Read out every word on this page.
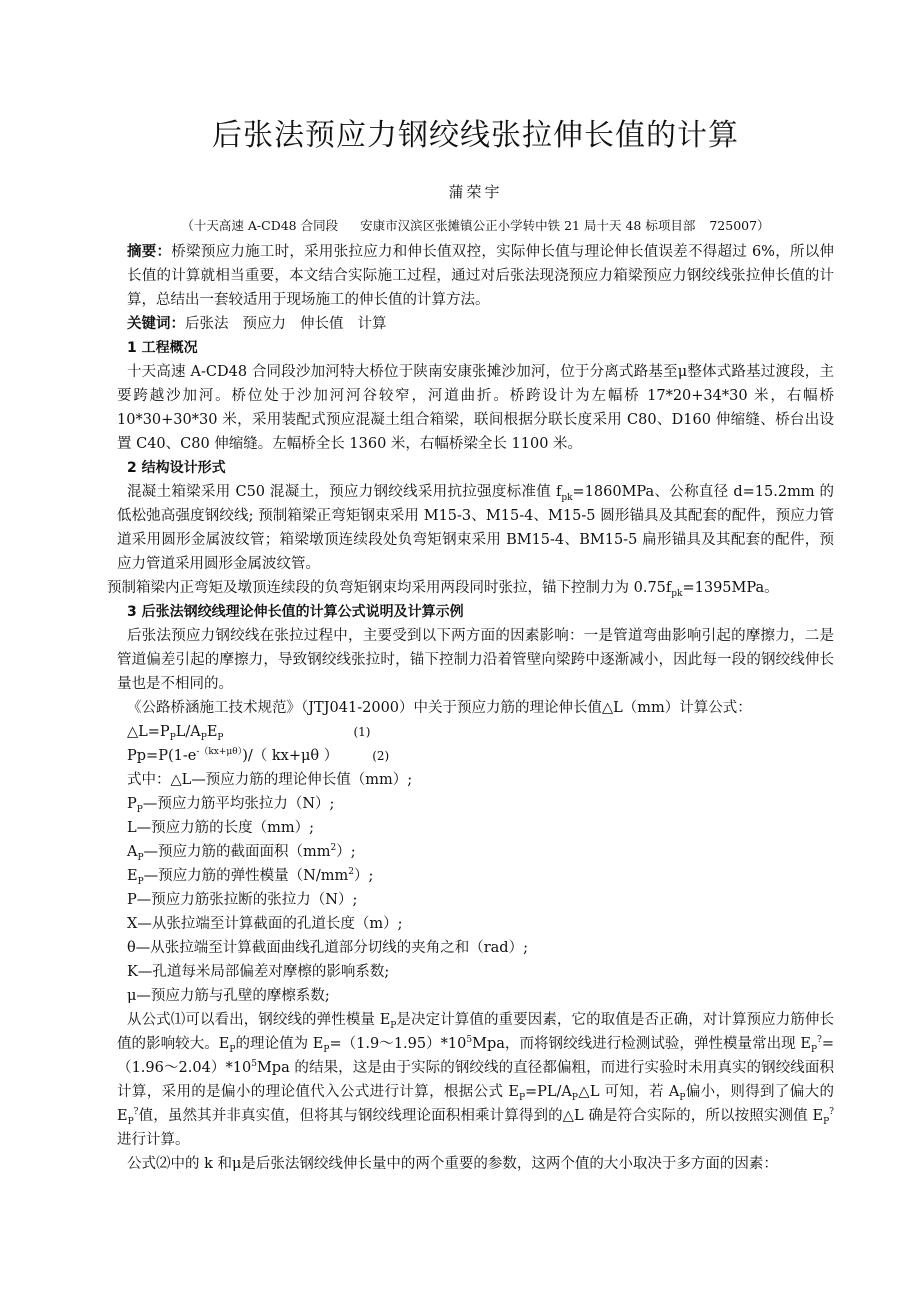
后张法预应力钢绞线张拉伸长值的计算
蒲荣宇
（十天高速 A-CD48 合同段 安康市汉滨区张摊镇公正小学转中铁 21 局十天 48 标项目部 725007）

摘要：桥梁预应力施工时，采用张拉应力和伸长值双控，实际伸长值与理论伸长值误差不得超过 6%，所以伸长值的计算就相当重要，本文结合实际施工过程，通过对后张法现浇预应力箱梁预应力钢绞线张拉伸长值的计算，总结出一套较适用于现场施工的伸长值的计算方法。

关键词：后张法 预应力 伸长值 计算

1 工程概况

十天高速 A-CD48 合同段沙加河特大桥位于陕南安康张摊沙加河，位于分离式路基至μ整体式路基过渡段，主要跨越沙加河。桥位处于沙加河河谷较窄，河道曲折。桥跨设计为左幅桥 17*20+34*30 米，右幅桥 10*30+30*30 米，采用装配式预应混凝土组合箱梁，联间根据分联长度采用 C80、D160 伸缩缝、桥台出设置 C40、C80 伸缩缝。左幅桥全长 1360 米，右幅桥梁全长 1100 米。

2 结构设计形式

混凝土箱梁采用 C50 混凝土，预应力钢绞线采用抗拉强度标准值 $f_{pk}=1860MPa$、公称直径 d=15.2mm 的低松弛高强度钢绞线; 预制箱梁正弯矩钢束采用 M15-3、M15-4、M15-5 圆形锚具及其配套的配件，预应力管道采用圆形金属波纹管；箱梁墩顶连续段处负弯矩钢束采用 BM15-4、BM15-5 扁形锚具及其配套的配件，预应力管道采用圆形金属波纹管。

预制箱梁内正弯矩及墩顶连续段的负弯矩钢束均采用两段同时张拉，锚下控制力为 $0.75f_{pk}=1395MPa$。

3 后张法钢绞线理论伸长值的计算公式说明及计算示例

后张法预应力钢绞线在张拉过程中，主要受到以下两方面的因素影响：一是管道弯曲影响引起的摩擦力，二是管道偏差引起的摩擦力，导致钢绞线张拉时，锚下控制力沿着管壁向梁跨中逐渐减小，因此每一段的钢绞线伸长量也是不相同的。

《公路桥涵施工技术规范》（JTJ041-2000）中关于预应力筋的理论伸长值△L（mm）计算公式：

$\triangle L=P_PL/A_PE_P$	(1)
$Pp=P(1-e^{-(kx+\mu\theta)})/$（ kx+μθ ）	(2)
式中：△L—预应力筋的理论伸长值（mm）;
$P_P—$预应力筋平均张拉力（N）;
L—预应力筋的长度（mm）;
$A_P—$预应力筋的截面面积$(mm^2)$;
$E_P—$预应力筋的弹性模量$(N/mm^2)$;
P—预应力筋张拉断的张拉力（N）;
X—从张拉端至计算截面的孔道长度（m）;
θ—从张拉端至计算截面曲线孔道部分切线的夹角之和（rad）;
K—孔道每米局部偏差对摩檫的影响系数;
μ—预应力筋与孔壁的摩檫系数;

从公式⑴可以看出，钢绞线的弹性模量 $E_P$是决定计算值的重要因素，它的取值是否正确，对计算预应力筋伸长值的影响较大。$E_P$的理论值为 $E_P=(1.9\sim 1.95)*10^5Mpa$，而将钢绞线进行检测试验，弹性模量常出现 $E_P^?=(1.96\sim 2.04)*10^5Mpa$ 的结果，这是由于实际的钢绞线的直径都偏粗，而进行实验时未用真实的钢绞线面积计算，采用的是偏小的理论值代入公式进行计算，根据公式 $E_P=PL/A_P\triangle L$ 可知，若 $A_P$偏小，则得到了偏大的 $E_P^?$值，虽然其并非真实值，但将其与钢绞线理论面积相乘计算得到的△L 确是符合实际的，所以按照实测值 $E_P^?$进行计算。

公式⑵中的 k 和μ是后张法钢绞线伸长量中的两个重要的参数，这两个值的大小取决于多方面的因素：
